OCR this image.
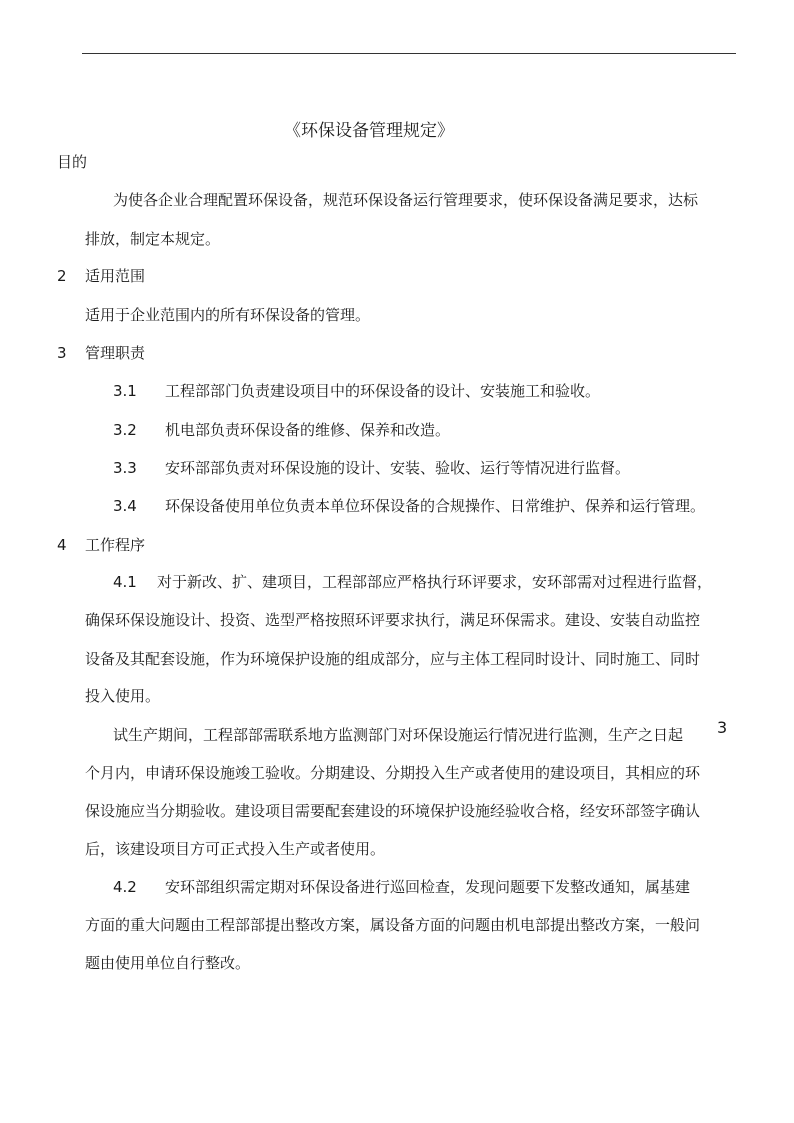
《环保设备管理规定》
目的
为使各企业合理配置环保设备，规范环保设备运行管理要求，使环保设备满足要求，达标
排放，制定本规定。
2 适用范围
适用于企业范围内的所有环保设备的管理。
3 管理职责
3.1 工程部部门负责建设项目中的环保设备的设计、安装施工和验收。
3.2 机电部负责环保设备的维修、保养和改造。
3.3 安环部部负责对环保设施的设计、安装、验收、运行等情况进行监督。
3.4 环保设备使用单位负责本单位环保设备的合规操作、日常维护、保养和运行管理。
4 工作程序
4.1 对于新改、扩、建项目，工程部部应严格执行环评要求，安环部需对过程进行监督，
确保环保设施设计、投资、选型严格按照环评要求执行，满足环保需求。建设、安装自动监控
设备及其配套设施，作为环境保护设施的组成部分，应与主体工程同时设计、同时施工、同时
投入使用。
试生产期间，工程部部需联系地方监测部门对环保设施运行情况进行监测，生产之日起 3
个月内，申请环保设施竣工验收。分期建设、分期投入生产或者使用的建设项目，其相应的环
保设施应当分期验收。建设项目需要配套建设的环境保护设施经验收合格，经安环部签字确认
后，该建设项目方可正式投入生产或者使用。
4.2 安环部组织需定期对环保设备进行巡回检查，发现问题要下发整改通知，属基建
方面的重大问题由工程部部提出整改方案，属设备方面的问题由机电部提出整改方案，一般问
题由使用单位自行整改。
